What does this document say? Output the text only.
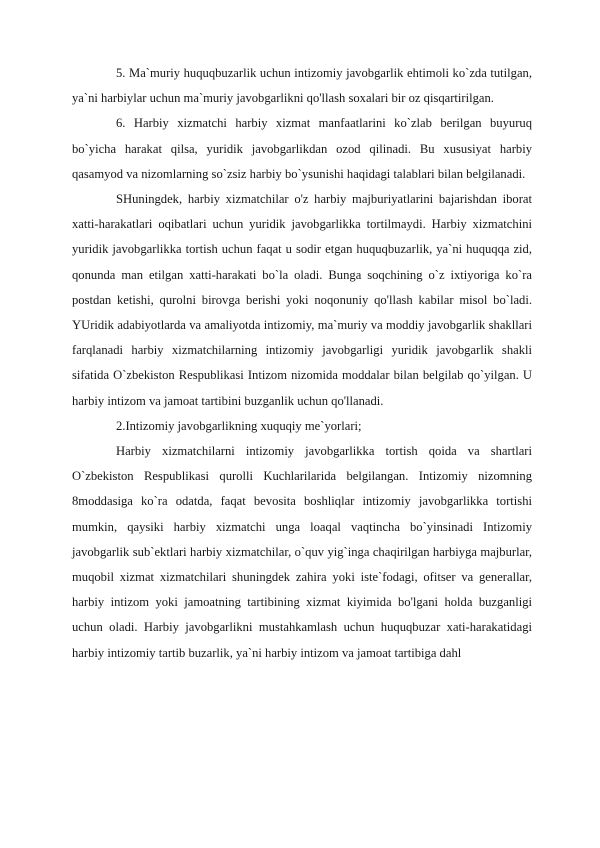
5. Ma`muriy huquqbuzarlik uchun intizomiy javobgarlik ehtimoli ko`zda tutilgan, ya`ni harbiylar uchun ma`muriy javobgarlikni qo'llash soxalari bir oz qisqartirilgan.

6. Harbiy xizmatchi harbiy xizmat manfaatlarini ko`zlab berilgan buyuruq bo`yicha harakat qilsa, yuridik javobgarlikdan ozod qilinadi. Bu xususiyat harbiy qasamyod va nizomlarning so`zsiz harbiy bo`ysunishi haqidagi talablari bilan belgilanadi.

SHuningdek, harbiy xizmatchilar o'z harbiy majburiyatlarini bajarishdan iborat xatti-harakatlari oqibatlari uchun yuridik javobgarlikka tortilmaydi. Harbiy xizmatchini yuridik javobgarlikka tortish uchun faqat u sodir etgan huquqbuzarlik, ya`ni huquqqa zid, qonunda man etilgan xatti-harakati bo`la oladi. Bunga soqchining o`z ixtiyoriga ko`ra postdan ketishi, qurolni birovga berishi yoki noqonuniy qo'llash kabilar misol bo`ladi. YUridik adabiyotlarda va amaliyotda intizomiy, ma`muriy va moddiy javobgarlik shakllari farqlanadi harbiy xizmatchilarning intizomiy javobgarligi yuridik javobgarlik shakli sifatida O`zbekiston Respublikasi Intizom nizomida moddalar bilan belgilab qo`yilgan. U harbiy intizom va jamoat tartibini buzganlik uchun qo'llanadi.

2.Intizomiy javobgarlikning xuquqiy me`yorlari;

Harbiy xizmatchilarni intizomiy javobgarlikka tortish qoida va shartlari O`zbekiston Respublikasi qurolli Kuchlarilarida belgilangan. Intizomiy nizomning 8moddasiga ko`ra odatda, faqat bevosita boshliqlar intizomiy javobgarlikka tortishi mumkin, qaysiki harbiy xizmatchi unga loaqal vaqtincha bo`yinsinadi Intizomiy javobgarlik sub`ektlari harbiy xizmatchilar, o`quv yig`inga chaqirilgan harbiyga majburlar, muqobil xizmat xizmatchilari shuningdek zahira yoki iste`fodagi, ofitser va generallar, harbiy intizom yoki jamoatning tartibining xizmat kiyimida bo'lgani holda buzganligi uchun oladi. Harbiy javobgarlikni mustahkamlash uchun huquqbuzar xati-harakatidagi harbiy intizomiy tartib buzarlik, ya`ni harbiy intizom va jamoat tartibiga dahl
